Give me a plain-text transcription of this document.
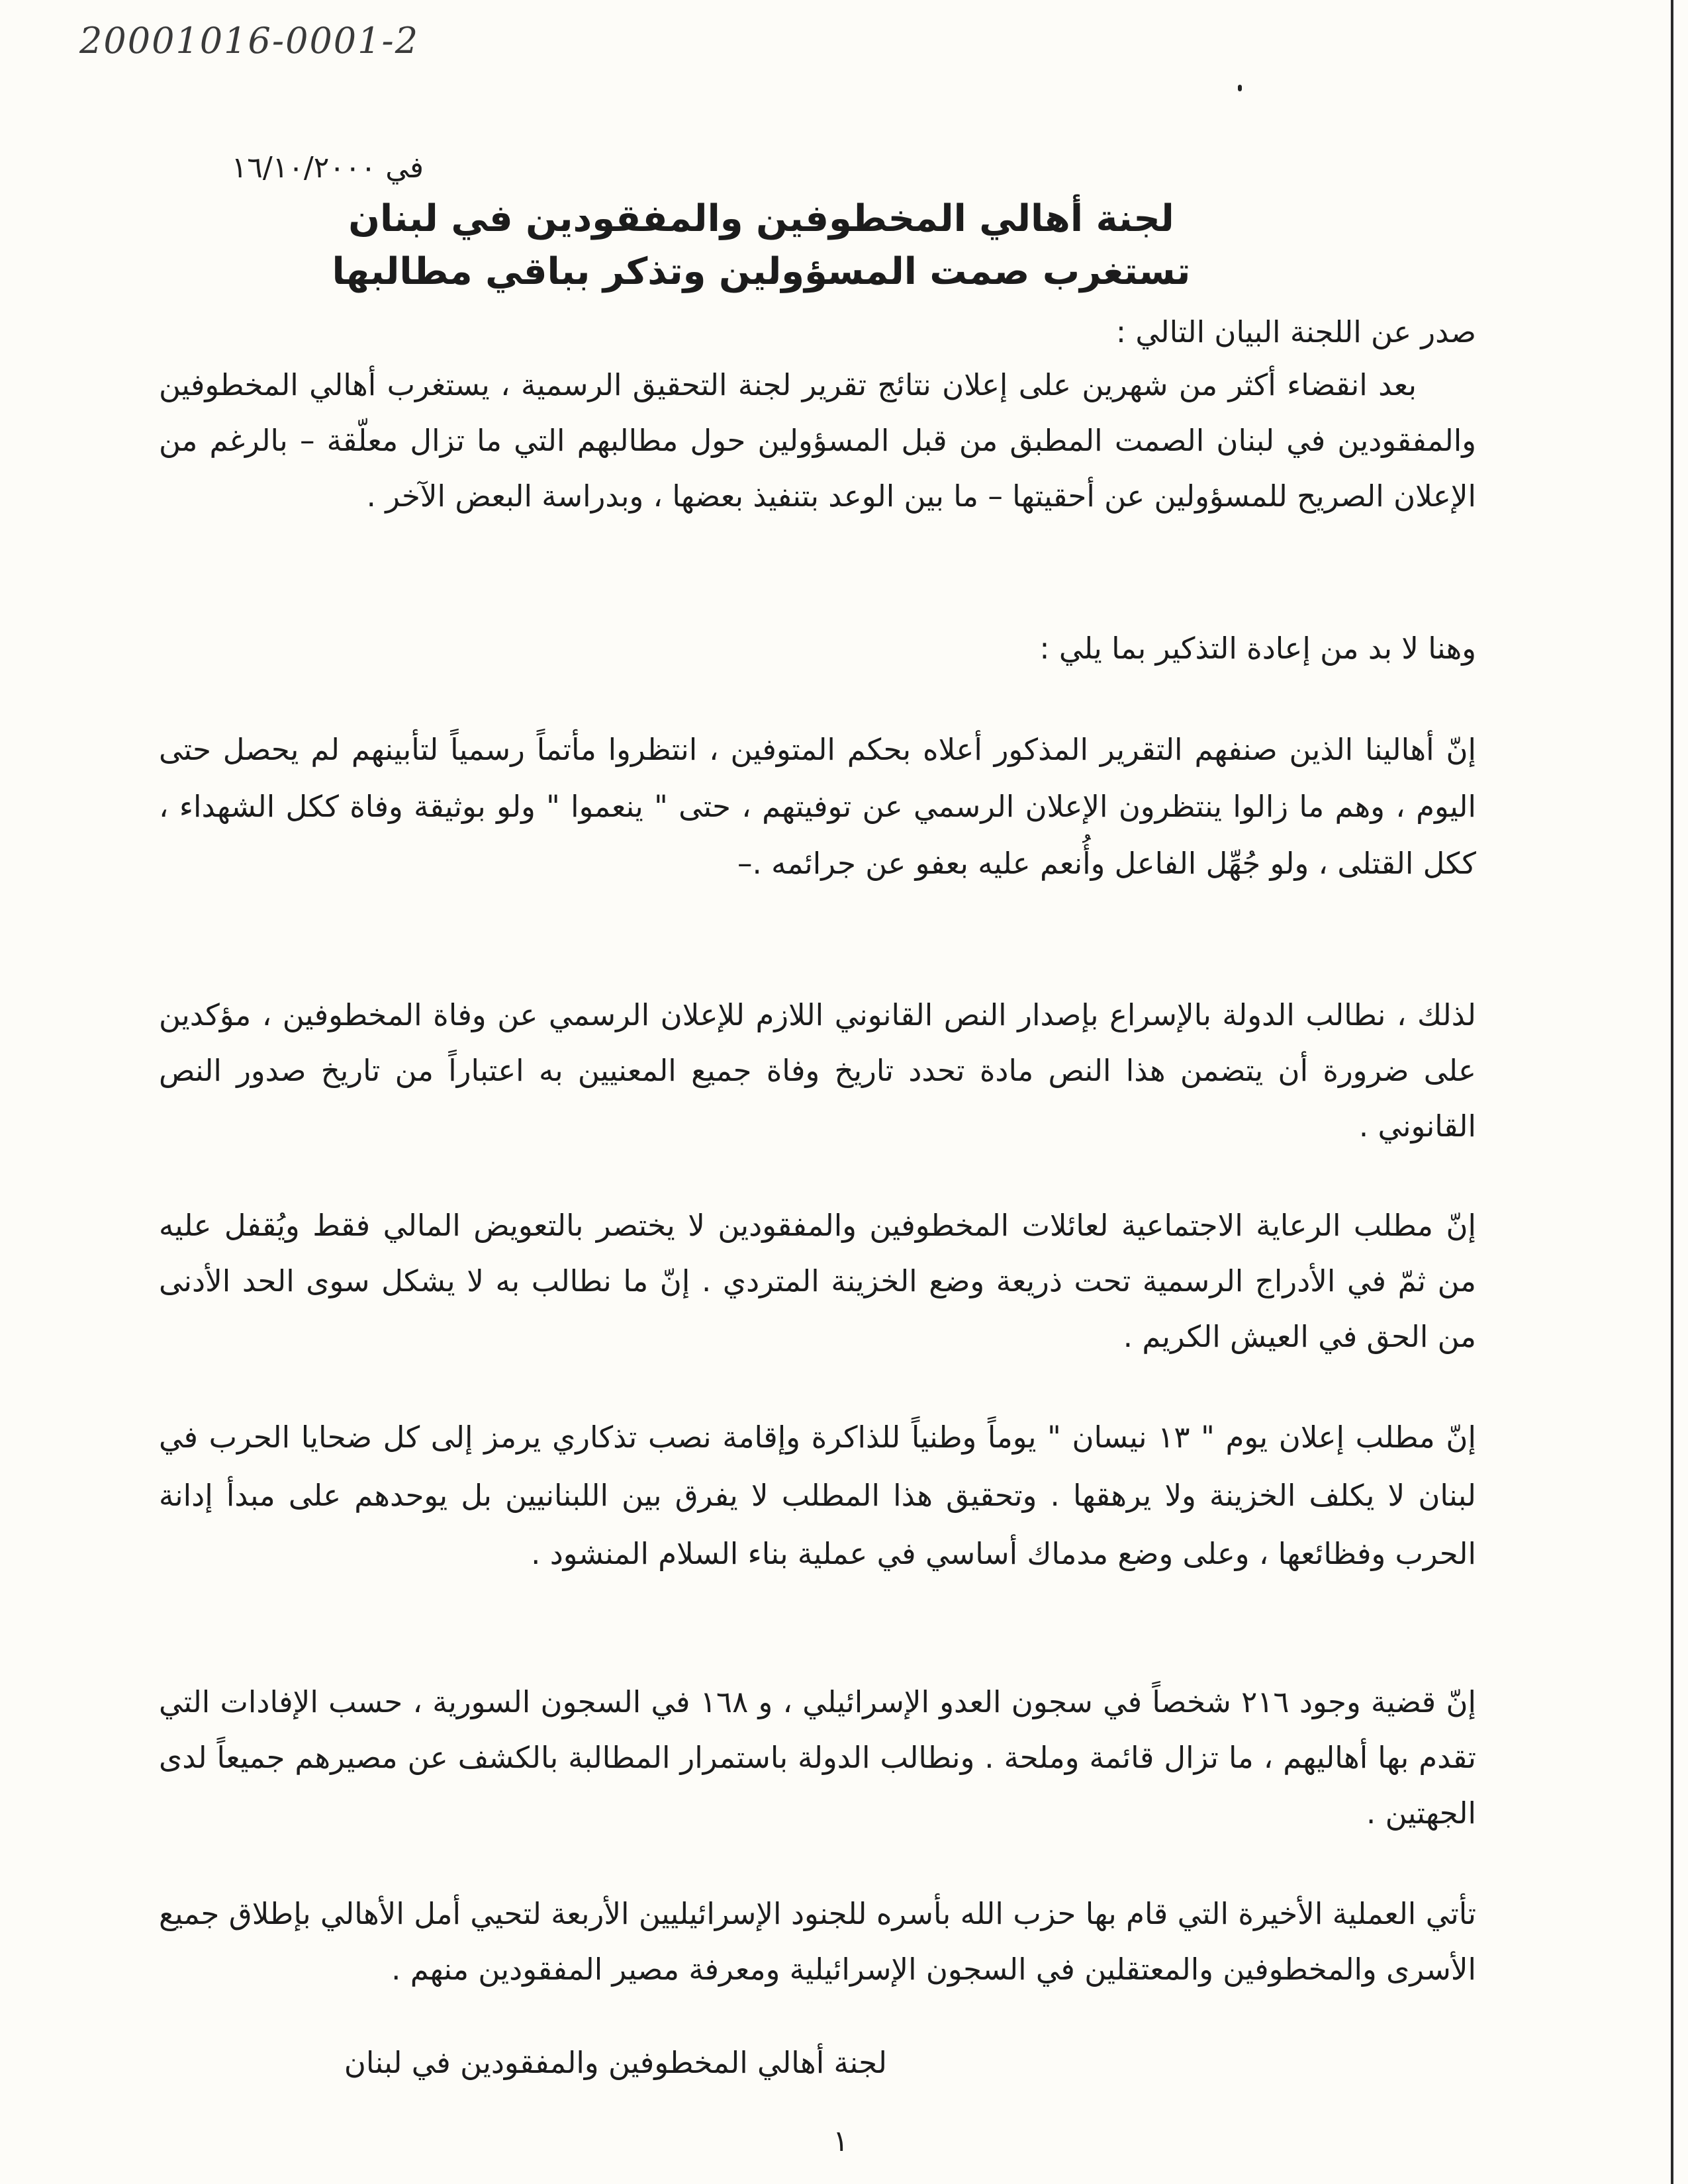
20001016-0001-2
في ١٦/١٠/٢٠٠٠
لجنة أهالي المخطوفين والمفقودين في لبنان
تستغرب صمت المسؤولين وتذكر بباقي مطالبها
صدر عن اللجنة البيان التالي :
بعد انقضاء أكثر من شهرين على إعلان نتائج تقرير لجنة التحقيق الرسمية ، يستغرب أهالي المخطوفين والمفقودين في لبنان الصمت المطبق من قبل المسؤولين حول مطالبهم التي ما تزال معلّقة – بالرغم من الإعلان الصريح للمسؤولين عن أحقيتها – ما بين الوعد بتنفيذ بعضها ، وبدراسة البعض الآخر .
وهنا لا بد من إعادة التذكير بما يلي :
إنّ أهالينا الذين صنفهم التقرير المذكور أعلاه بحكم المتوفين ، انتظروا مأتماً رسمياً لتأبينهم لم يحصل حتى اليوم ، وهم ما زالوا ينتظرون الإعلان الرسمي عن توفيتهم ، حتى " ينعموا " ولو بوثيقة وفاة ككل الشهداء ، ككل القتلى ، ولو جُهِّل الفاعل وأُنعم عليه بعفو عن جرائمه .–
لذلك ، نطالب الدولة بالإسراع بإصدار النص القانوني اللازم للإعلان الرسمي عن وفاة المخطوفين ، مؤكدين على ضرورة أن يتضمن هذا النص مادة تحدد تاريخ وفاة جميع المعنيين به اعتباراً من تاريخ صدور النص القانوني .
إنّ مطلب الرعاية الاجتماعية لعائلات المخطوفين والمفقودين لا يختصر بالتعويض المالي فقط ويُقفل عليه من ثمّ في الأدراج الرسمية تحت ذريعة وضع الخزينة المتردي . إنّ ما نطالب به لا يشكل سوى الحد الأدنى من الحق في العيش الكريم .
إنّ مطلب إعلان يوم " ١٣ نيسان " يوماً وطنياً للذاكرة وإقامة نصب تذكاري يرمز إلى كل ضحايا الحرب في لبنان لا يكلف الخزينة ولا يرهقها . وتحقيق هذا المطلب لا يفرق بين اللبنانيين بل يوحدهم على مبدأ إدانة الحرب وفظائعها ، وعلى وضع مدماك أساسي في عملية بناء السلام المنشود .
إنّ قضية وجود ٢١٦ شخصاً في سجون العدو الإسرائيلي ، و ١٦٨ في السجون السورية ، حسب الإفادات التي تقدم بها أهاليهم ، ما تزال قائمة وملحة . ونطالب الدولة باستمرار المطالبة بالكشف عن مصيرهم جميعاً لدى الجهتين .
تأتي العملية الأخيرة التي قام بها حزب الله بأسره للجنود الإسرائيليين الأربعة لتحيي أمل الأهالي بإطلاق جميع الأسرى والمخطوفين والمعتقلين في السجون الإسرائيلية ومعرفة مصير المفقودين منهم .
لجنة أهالي المخطوفين والمفقودين في لبنان
١
